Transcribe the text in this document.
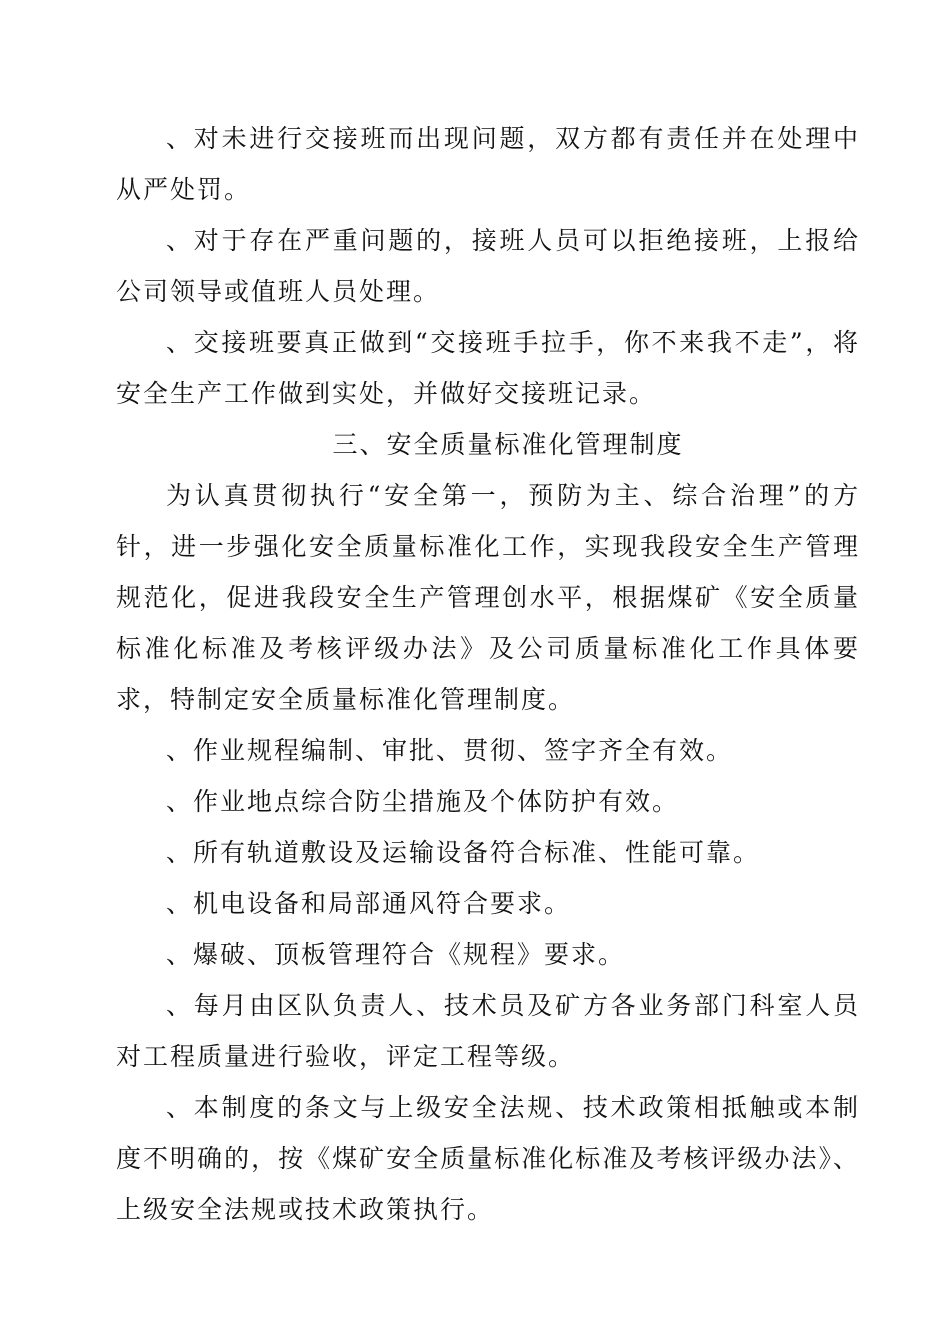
、对未进行交接班而出现问题，双方都有责任并在处理中从严处罚。

、对于存在严重问题的，接班人员可以拒绝接班，上报给公司领导或值班人员处理。

、交接班要真正做到“交接班手拉手，你不来我不走”，将安全生产工作做到实处，并做好交接班记录。

三、安全质量标准化管理制度

为认真贯彻执行“安全第一，预防为主、综合治理”的方针，进一步强化安全质量标准化工作，实现我段安全生产管理规范化，促进我段安全生产管理创水平，根据煤矿《安全质量标准化标准及考核评级办法》及公司质量标准化工作具体要求，特制定安全质量标准化管理制度。

、作业规程编制、审批、贯彻、签字齐全有效。

、作业地点综合防尘措施及个体防护有效。

、所有轨道敷设及运输设备符合标准、性能可靠。

、机电设备和局部通风符合要求。

、爆破、顶板管理符合《规程》要求。

、每月由区队负责人、技术员及矿方各业务部门科室人员对工程质量进行验收，评定工程等级。

、本制度的条文与上级安全法规、技术政策相抵触或本制度不明确的，按《煤矿安全质量标准化标准及考核评级办法》、上级安全法规或技术政策执行。
